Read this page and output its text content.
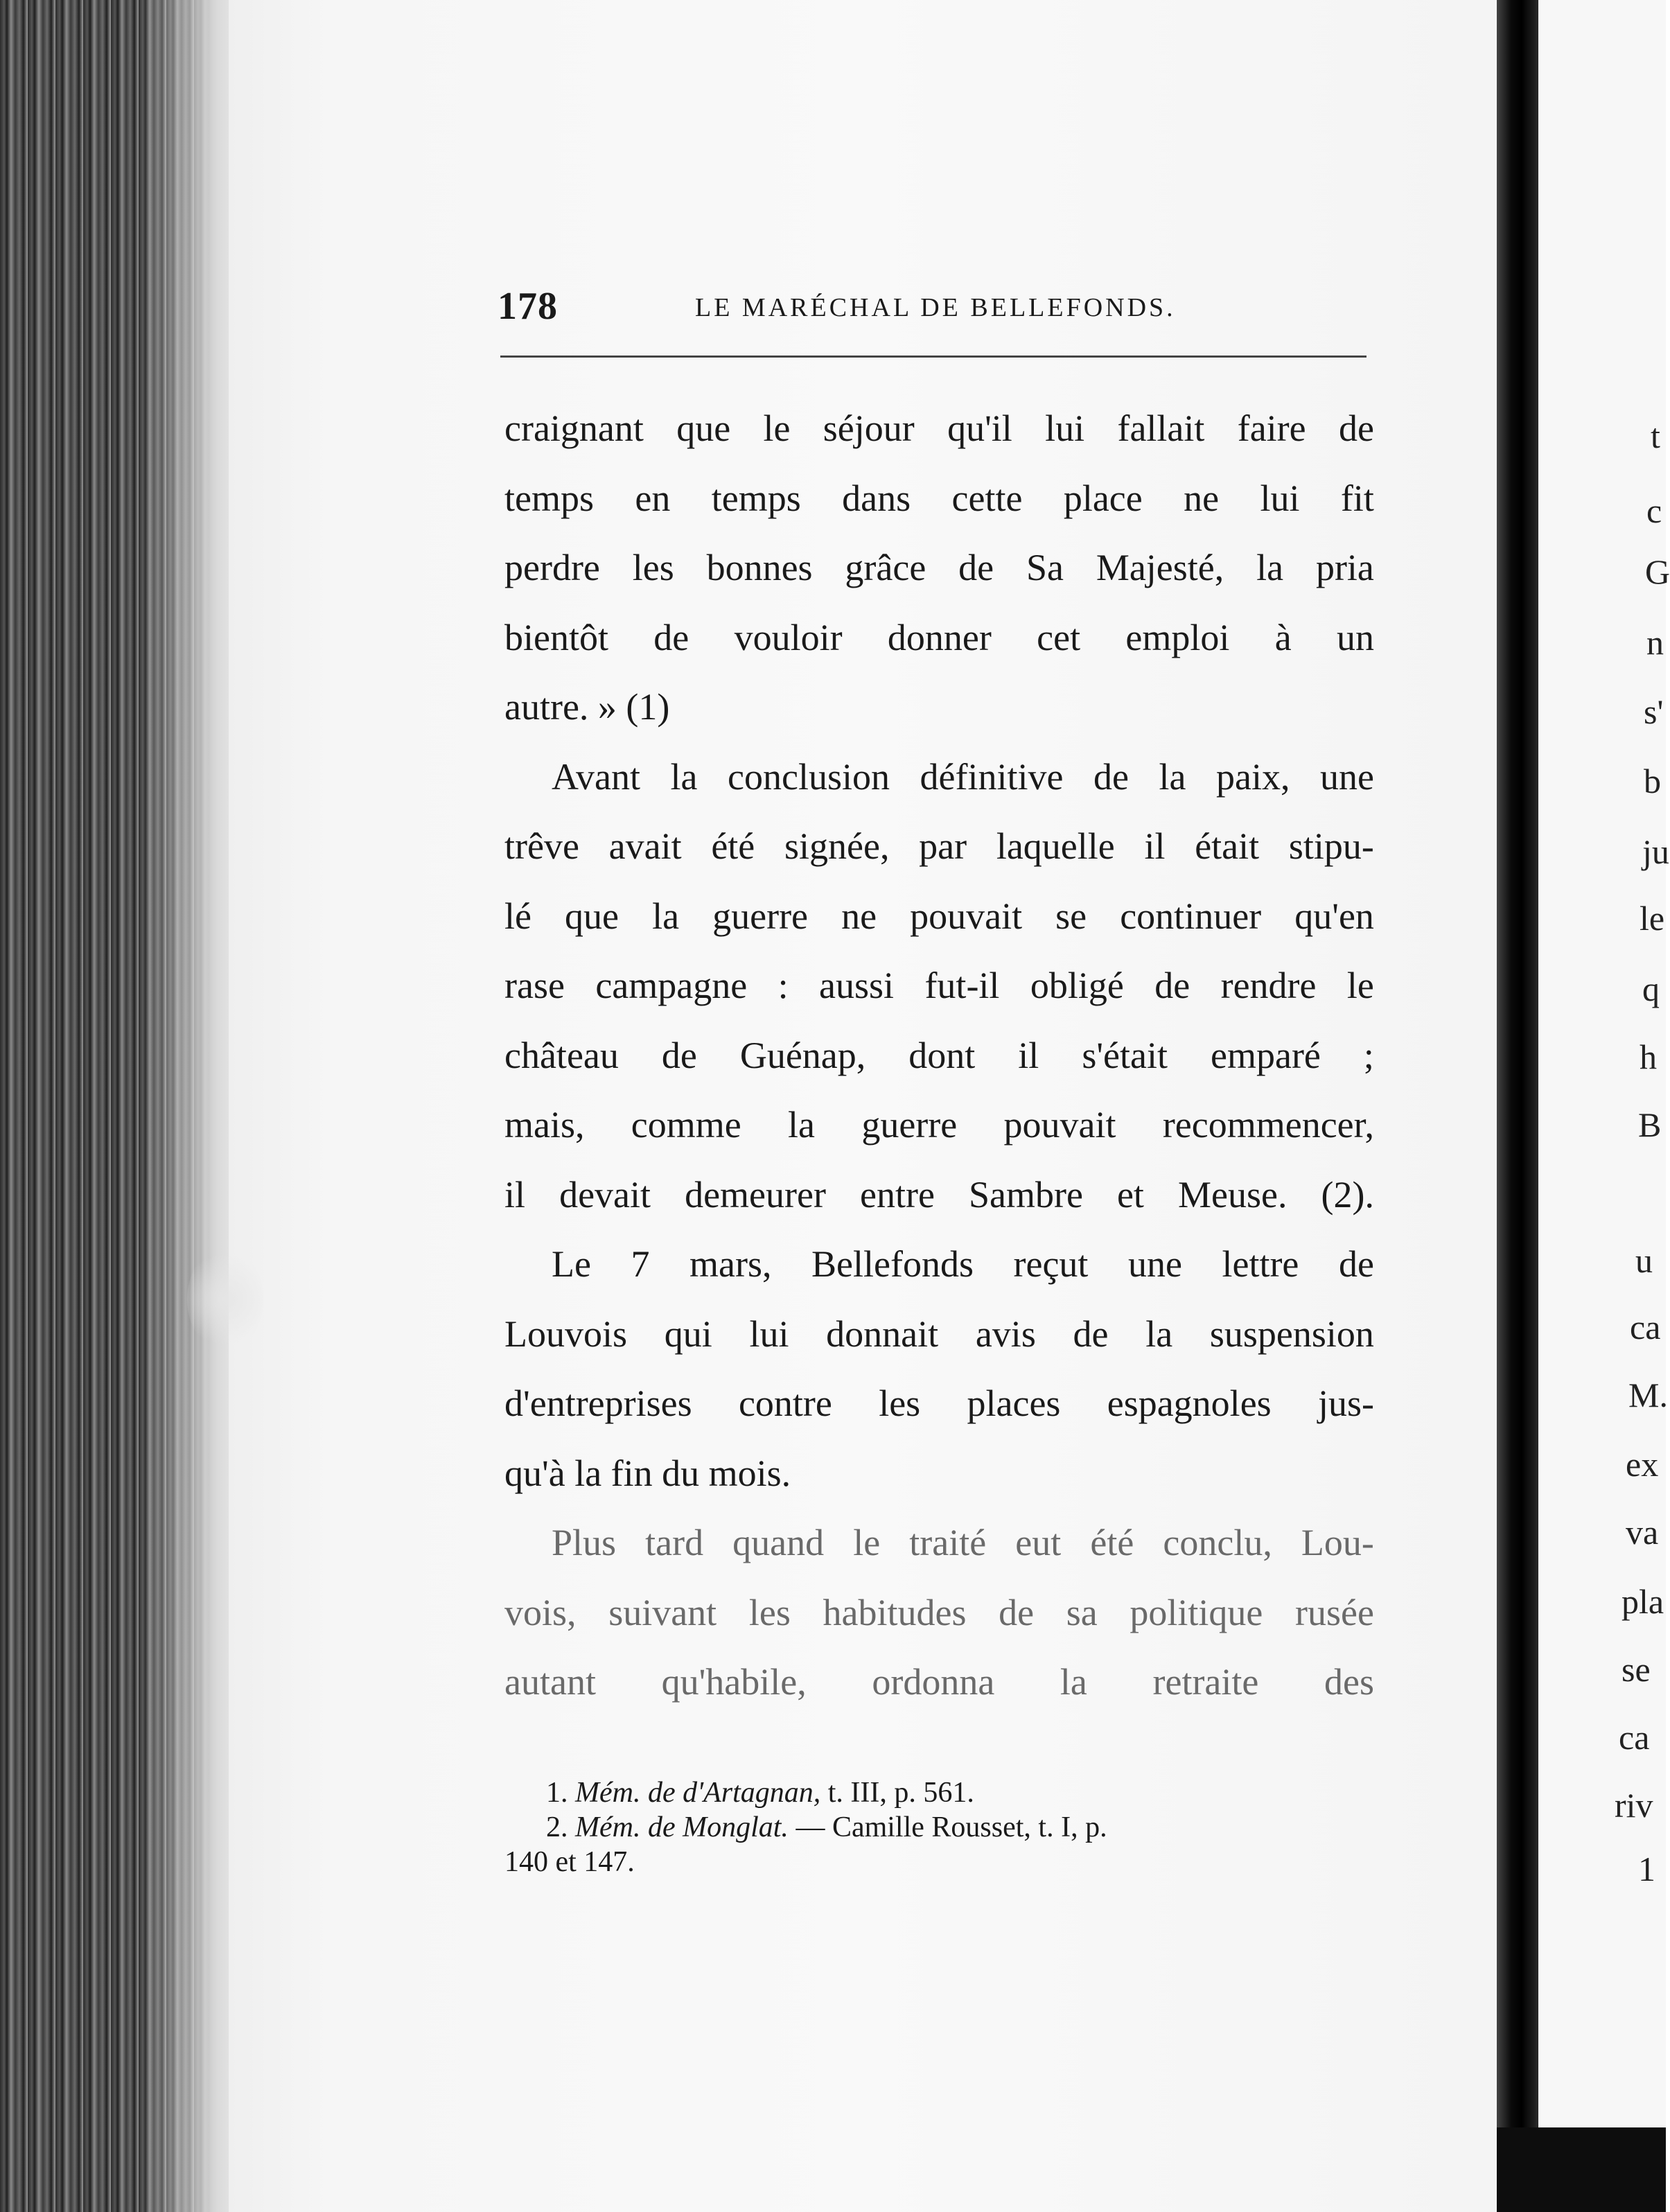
178	LE MARÉCHAL DE BELLEFONDS.
craignant que le séjour qu'il lui fallait faire de
temps en temps dans cette place ne lui fit
perdre les bonnes grâce de Sa Majesté, la pria
bientôt de vouloir donner cet emploi à un
autre. » (1)
Avant la conclusion définitive de la paix, une
trêve avait été signée, par laquelle il était stipu-
lé que la guerre ne pouvait se continuer qu'en
rase campagne : aussi fut-il obligé de rendre le
château de Guénap, dont il s'était emparé ;
mais, comme la guerre pouvait recommencer,
il devait demeurer entre Sambre et Meuse. (2).
Le 7 mars, Bellefonds reçut une lettre de
Louvois qui lui donnait avis de la suspension
d'entreprises contre les places espagnoles jus-
qu'à la fin du mois.
Plus tard quand le traité eut été conclu, Lou-
vois, suivant les habitudes de sa politique rusée
autant qu'habile, ordonna la retraite des
1. Mém. de d'Artagnan, t. III, p. 561.
2. Mém. de Monglat. — Camille Rousset, t. I, p.
140 et 147.
t
c
G
n
s'
b
ju
le
q
h
B
u
ca
M.
ex
va
pla
se
ca
riv
1
